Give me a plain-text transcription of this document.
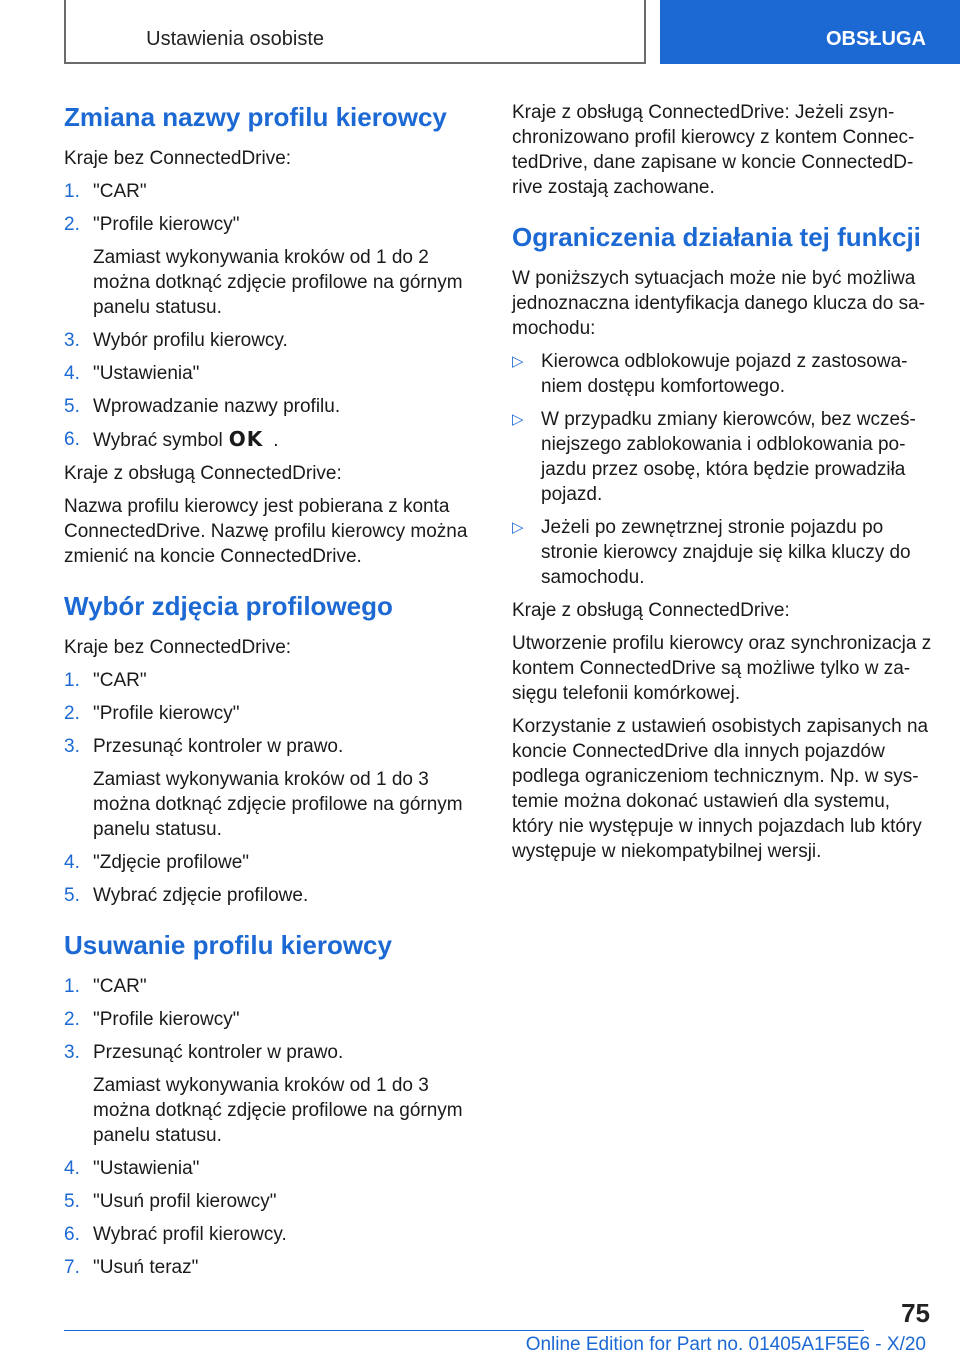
Ustawienia osobiste	OBSŁUGA
Zmiana nazwy profilu kierowcy

Kraje bez ConnectedDrive:

1. "CAR"
2. "Profile kierowcy"
Zamiast wykonywania kroków od 1 do 2 można dotknąć zdjęcie profilowe na górnym panelu statusu.
3. Wybór profilu kierowcy.
4. "Ustawienia"
5. Wprowadzanie nazwy profilu.
6. Wybrać symbol OK .

Kraje z obsługą ConnectedDrive:

Nazwa profilu kierowcy jest pobierana z konta ConnectedDrive. Nazwę profilu kierowcy można zmienić na koncie ConnectedDrive.

Wybór zdjęcia profilowego

Kraje bez ConnectedDrive:

1. "CAR"
2. "Profile kierowcy"
3. Przesunąć kontroler w prawo.
Zamiast wykonywania kroków od 1 do 3 można dotknąć zdjęcie profilowe na górnym panelu statusu.
4. "Zdjęcie profilowe"
5. Wybrać zdjęcie profilowe.
Usuwanie profilu kierowcy
1. "CAR"
2. "Profile kierowcy"
3. Przesunąć kontroler w prawo.
Zamiast wykonywania kroków od 1 do 3 można dotknąć zdjęcie profilowe na górnym panelu statusu.
4. "Ustawienia"
5. "Usuń profil kierowcy"
6. Wybrać profil kierowcy.
7. "Usuń teraz"

Kraje z obsługą ConnectedDrive: Jeżeli zsynchronizowano profil kierowcy z kontem ConnectedDrive, dane zapisane w koncie ConnectedDrive zostają zachowane.

Ograniczenia działania tej funkcji

W poniższych sytuacjach może nie być możliwa jednoznaczna identyfikacja danego klucza do samochodu:

▷ Kierowca odblokowuje pojazd z zastosowaniem dostępu komfortowego.
▷ W przypadku zmiany kierowców, bez wcześniejszego zablokowania i odblokowania pojazdu przez osobę, która będzie prowadziła pojazd.
▷ Jeżeli po zewnętrznej stronie pojazdu po stronie kierowcy znajduje się kilka kluczy do samochodu.

Kraje z obsługą ConnectedDrive:

Utworzenie profilu kierowcy oraz synchronizacja z kontem ConnectedDrive są możliwe tylko w zasięgu telefonii komórkowej.

Korzystanie z ustawień osobistych zapisanych na koncie ConnectedDrive dla innych pojazdów podlega ograniczeniom technicznym. Np. w systemie można dokonać ustawień dla systemu, który nie występuje w innych pojazdach lub który występuje w niekompatybilnej wersji.

75
Online Edition for Part no. 01405A1F5E6 - X/20
